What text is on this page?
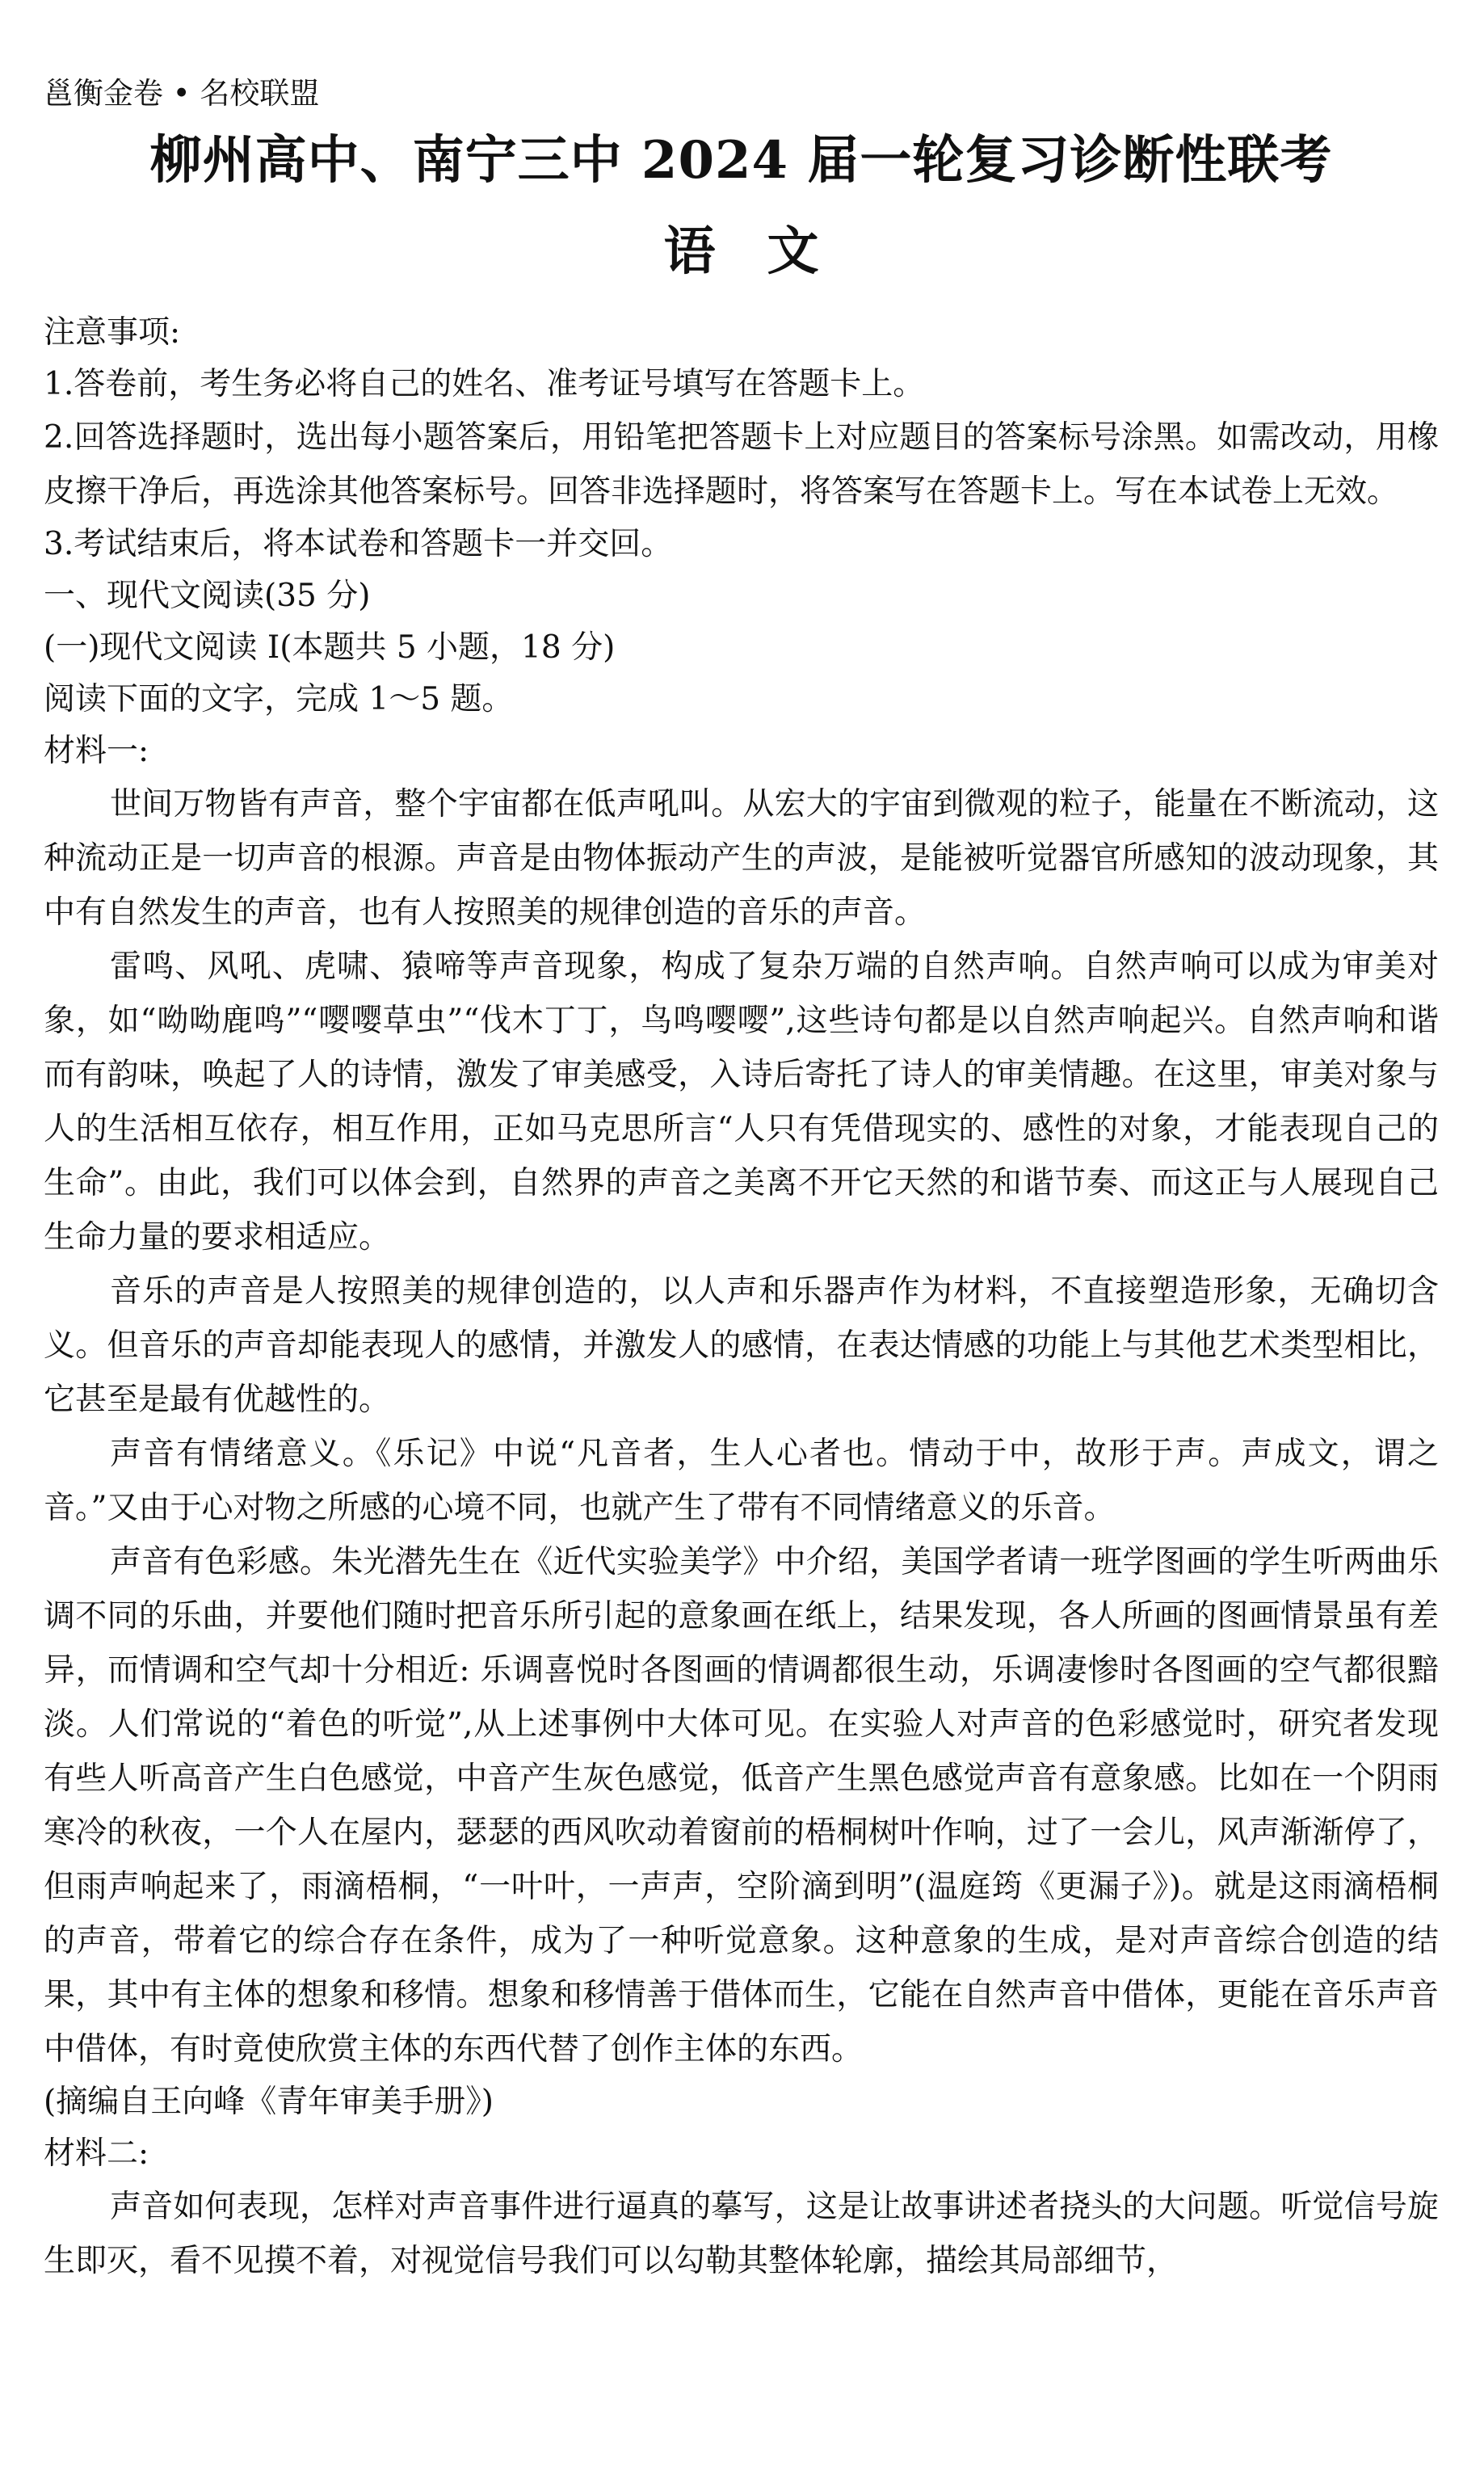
邕衡金卷 • 名校联盟
柳州高中、南宁三中 2024 届一轮复习诊断性联考
语文
注意事项:
1.答卷前，考生务必将自己的姓名、准考证号填写在答题卡上。
2.回答选择题时，选出每小题答案后，用铅笔把答题卡上对应题目的答案标号涂黑。如需改动，用橡皮擦干净后，再选涂其他答案标号。回答非选择题时，将答案写在答题卡上。写在本试卷上无效。
3.考试结束后，将本试卷和答题卡一并交回。
一、现代文阅读(35 分)
(一)现代文阅读 I(本题共 5 小题，18 分)
阅读下面的文字，完成 1～5 题。
材料一:

世间万物皆有声音，整个宇宙都在低声吼叫。从宏大的宇宙到微观的粒子，能量在不断流动，这种流动正是一切声音的根源。声音是由物体振动产生的声波，是能被听觉器官所感知的波动现象，其中有自然发生的声音，也有人按照美的规律创造的音乐的声音。

雷鸣、风吼、虎啸、猿啼等声音现象，构成了复杂万端的自然声响。自然声响可以成为审美对象，如“呦呦鹿鸣”“嘤嘤草虫”“伐木丁丁，鸟鸣嘤嘤”,这些诗句都是以自然声响起兴。自然声响和谐而有韵味，唤起了人的诗情，激发了审美感受，入诗后寄托了诗人的审美情趣。在这里，审美对象与人的生活相互依存，相互作用，正如马克思所言“人只有凭借现实的、感性的对象，才能表现自己的生命”。由此，我们可以体会到，自然界的声音之美离不开它天然的和谐节奏、而这正与人展现自己生命力量的要求相适应。

音乐的声音是人按照美的规律创造的，以人声和乐器声作为材料，不直接塑造形象，无确切含义。但音乐的声音却能表现人的感情，并激发人的感情，在表达情感的功能上与其他艺术类型相比，它甚至是最有优越性的。

声音有情绪意义。《乐记》中说“凡音者，生人心者也。情动于中，故形于声。声成文，谓之音。”又由于心对物之所感的心境不同，也就产生了带有不同情绪意义的乐音。

声音有色彩感。朱光潜先生在《近代实验美学》中介绍，美国学者请一班学图画的学生听两曲乐调不同的乐曲，并要他们随时把音乐所引起的意象画在纸上，结果发现，各人所画的图画情景虽有差异，而情调和空气却十分相近: 乐调喜悦时各图画的情调都很生动，乐调凄惨时各图画的空气都很黯淡。人们常说的“着色的听觉”,从上述事例中大体可见。在实验人对声音的色彩感觉时，研究者发现有些人听高音产生白色感觉，中音产生灰色感觉，低音产生黑色感觉声音有意象感。比如在一个阴雨寒冷的秋夜，一个人在屋内，瑟瑟的西风吹动着窗前的梧桐树叶作响，过了一会儿，风声渐渐停了，但雨声响起来了，雨滴梧桐，“一叶叶，一声声，空阶滴到明”(温庭筠《更漏子》)。就是这雨滴梧桐的声音，带着它的综合存在条件，成为了一种听觉意象。这种意象的生成，是对声音综合创造的结果，其中有主体的想象和移情。想象和移情善于借体而生，它能在自然声音中借体，更能在音乐声音中借体，有时竟使欣赏主体的东西代替了创作主体的东西。

(摘编自王向峰《青年审美手册》)
材料二:

声音如何表现，怎样对声音事件进行逼真的摹写，这是让故事讲述者挠头的大问题。听觉信号旋生即灭，看不见摸不着，对视觉信号我们可以勾勒其整体轮廓，描绘其局部细节，
